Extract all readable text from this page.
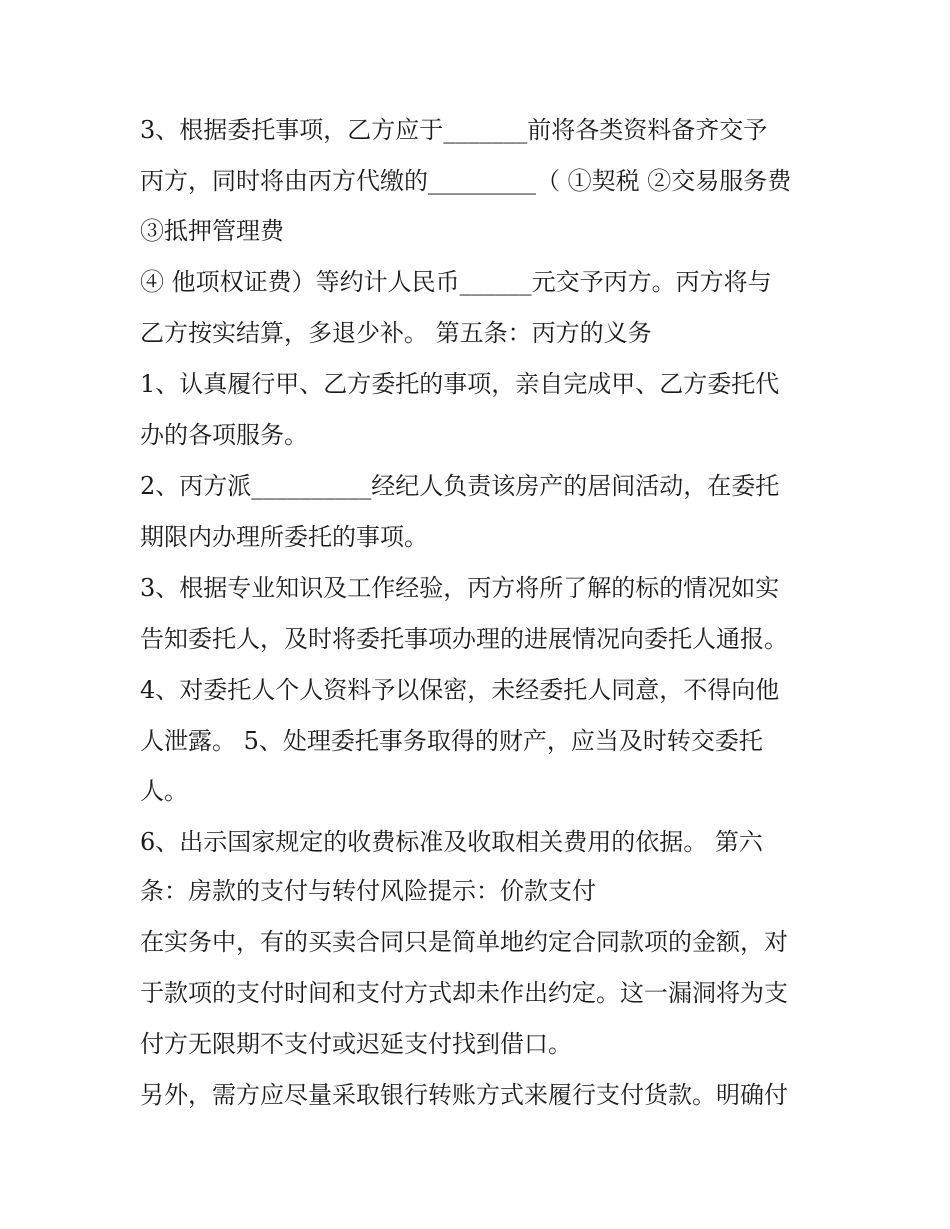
3、根据委托事项，乙方应于_______前将各类资料备齐交予
丙方，同时将由丙方代缴的_________（ ①契税 ②交易服务费
③抵押管理费
④ 他项权证费）等约计人民币______元交予丙方。丙方将与
乙方按实结算，多退少补。 第五条：丙方的义务
1、认真履行甲、乙方委托的事项，亲自完成甲、乙方委托代
办的各项服务。
2、丙方派__________经纪人负责该房产的居间活动，在委托
期限内办理所委托的事项。
3、根据专业知识及工作经验，丙方将所了解的标的情况如实
告知委托人，及时将委托事项办理的进展情况向委托人通报。
4、对委托人个人资料予以保密，未经委托人同意，不得向他
人泄露。 5、处理委托事务取得的财产，应当及时转交委托
人。
6、出示国家规定的收费标准及收取相关费用的依据。 第六
条：房款的支付与转付风险提示：价款支付
在实务中，有的买卖合同只是简单地约定合同款项的金额，对
于款项的支付时间和支付方式却未作出约定。这一漏洞将为支
付方无限期不支付或迟延支付找到借口。
另外，需方应尽量采取银行转账方式来履行支付货款。明确付
